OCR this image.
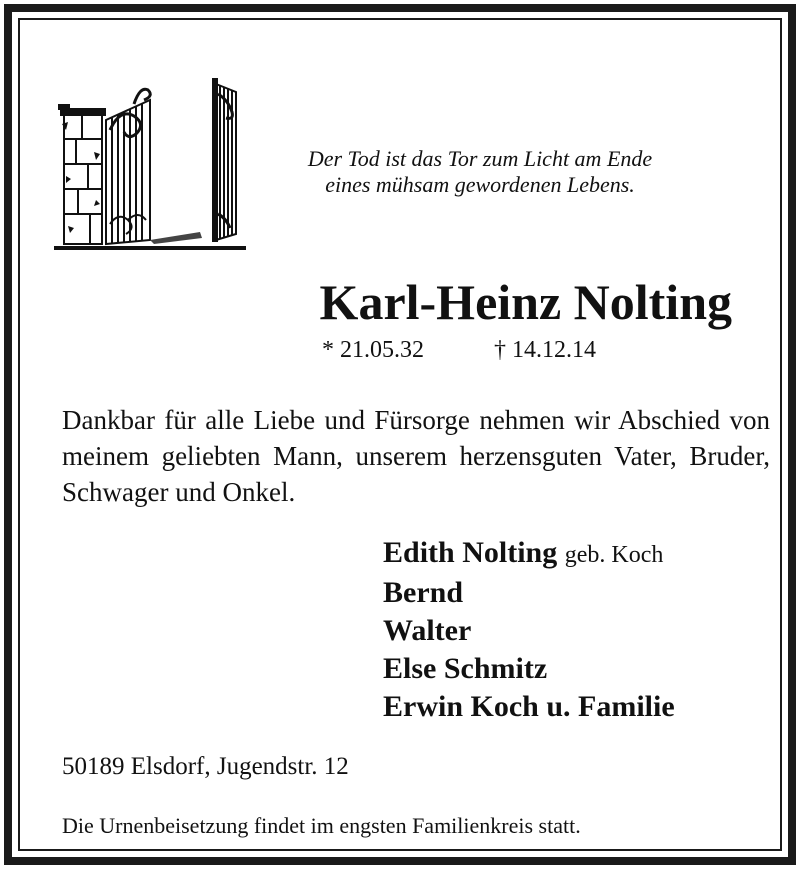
Der Tod ist das Tor zum Licht am Ende
eines mühsam gewordenen Lebens.
Karl-Heinz Nolting
* 21.05.32	† 14.12.14
Dankbar für alle Liebe und Fürsorge nehmen wir Abschied von meinem geliebten Mann, unserem herzensguten Vater, Bruder, Schwager und Onkel.
Edith Nolting geb. Koch
Bernd
Walter
Else Schmitz
Erwin Koch u. Familie
50189 Elsdorf, Jugendstr. 12
Die Urnenbeisetzung findet im engsten Familienkreis statt.
